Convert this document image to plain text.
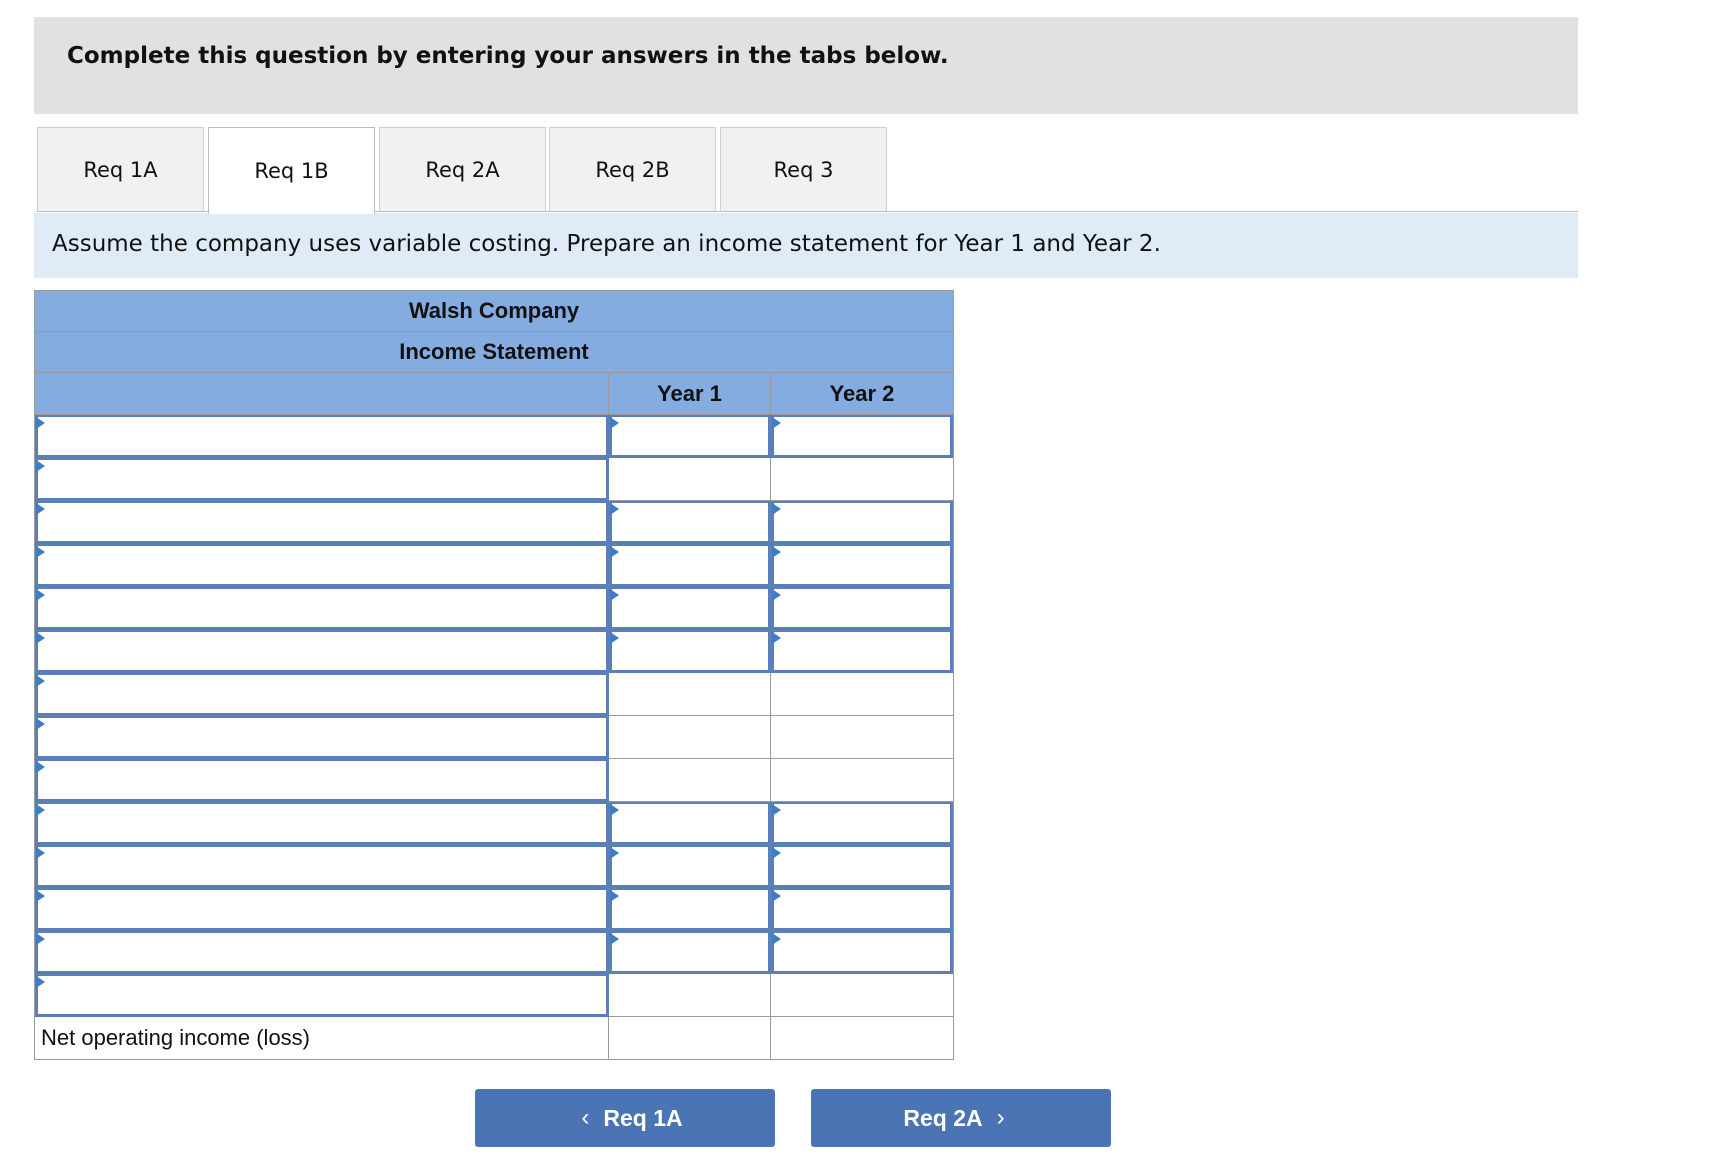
Complete this question by entering your answers in the tabs below.
Req 1A	Req 1B	Req 2A	Req 2B	Req 3
Assume the company uses variable costing. Prepare an income statement for Year 1 and Year 2.
Walsh Company
Income Statement
Year 1	Year 2
Net operating income (loss)
‹ Req 1A	Req 2A ›
